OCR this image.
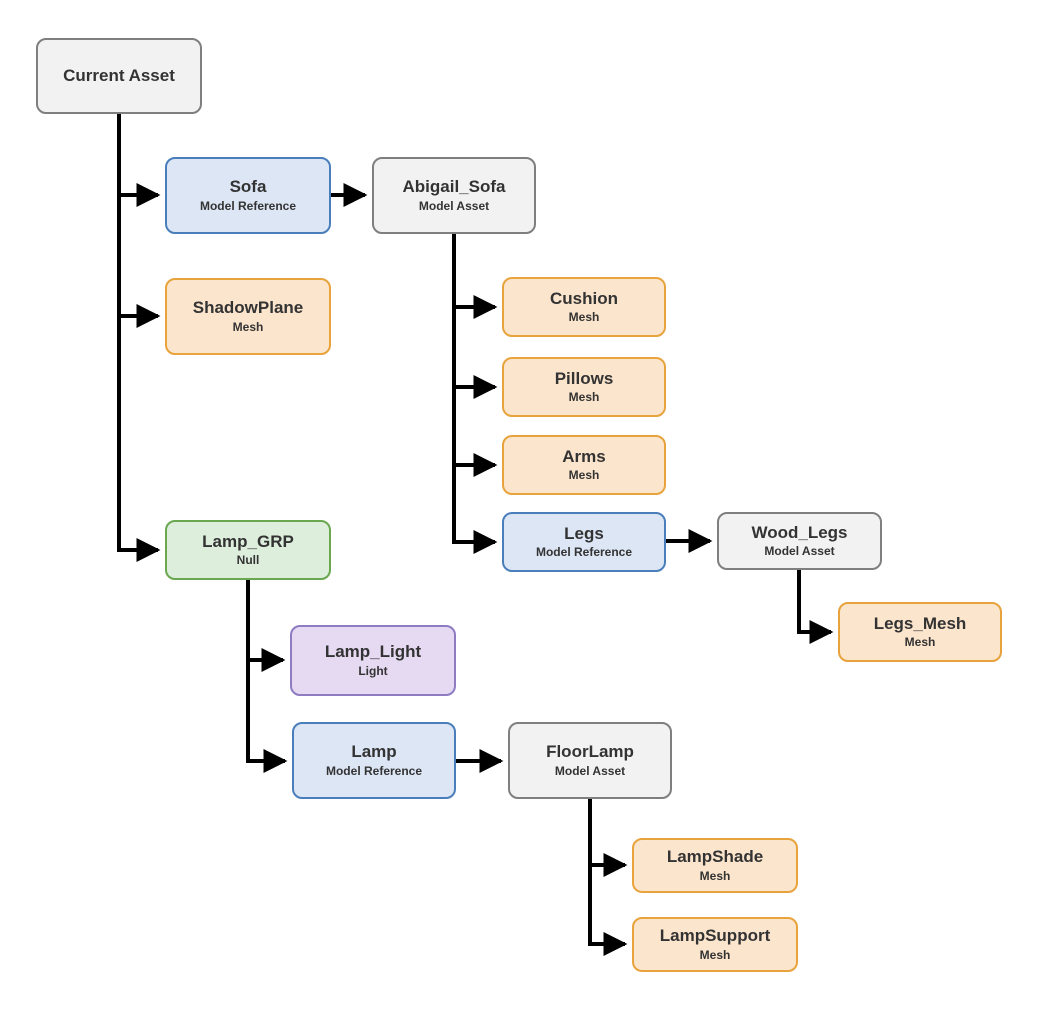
Current Asset
Sofa
Model Reference
Abigail_Sofa
Model Asset
ShadowPlane
Mesh
Cushion
Mesh
Pillows
Mesh
Arms
Mesh
Legs
Model Reference
Wood_Legs
Model Asset
Legs_Mesh
Mesh
Lamp_GRP
Null
Lamp_Light
Light
Lamp
Model Reference
FloorLamp
Model Asset
LampShade
Mesh
LampSupport
Mesh
